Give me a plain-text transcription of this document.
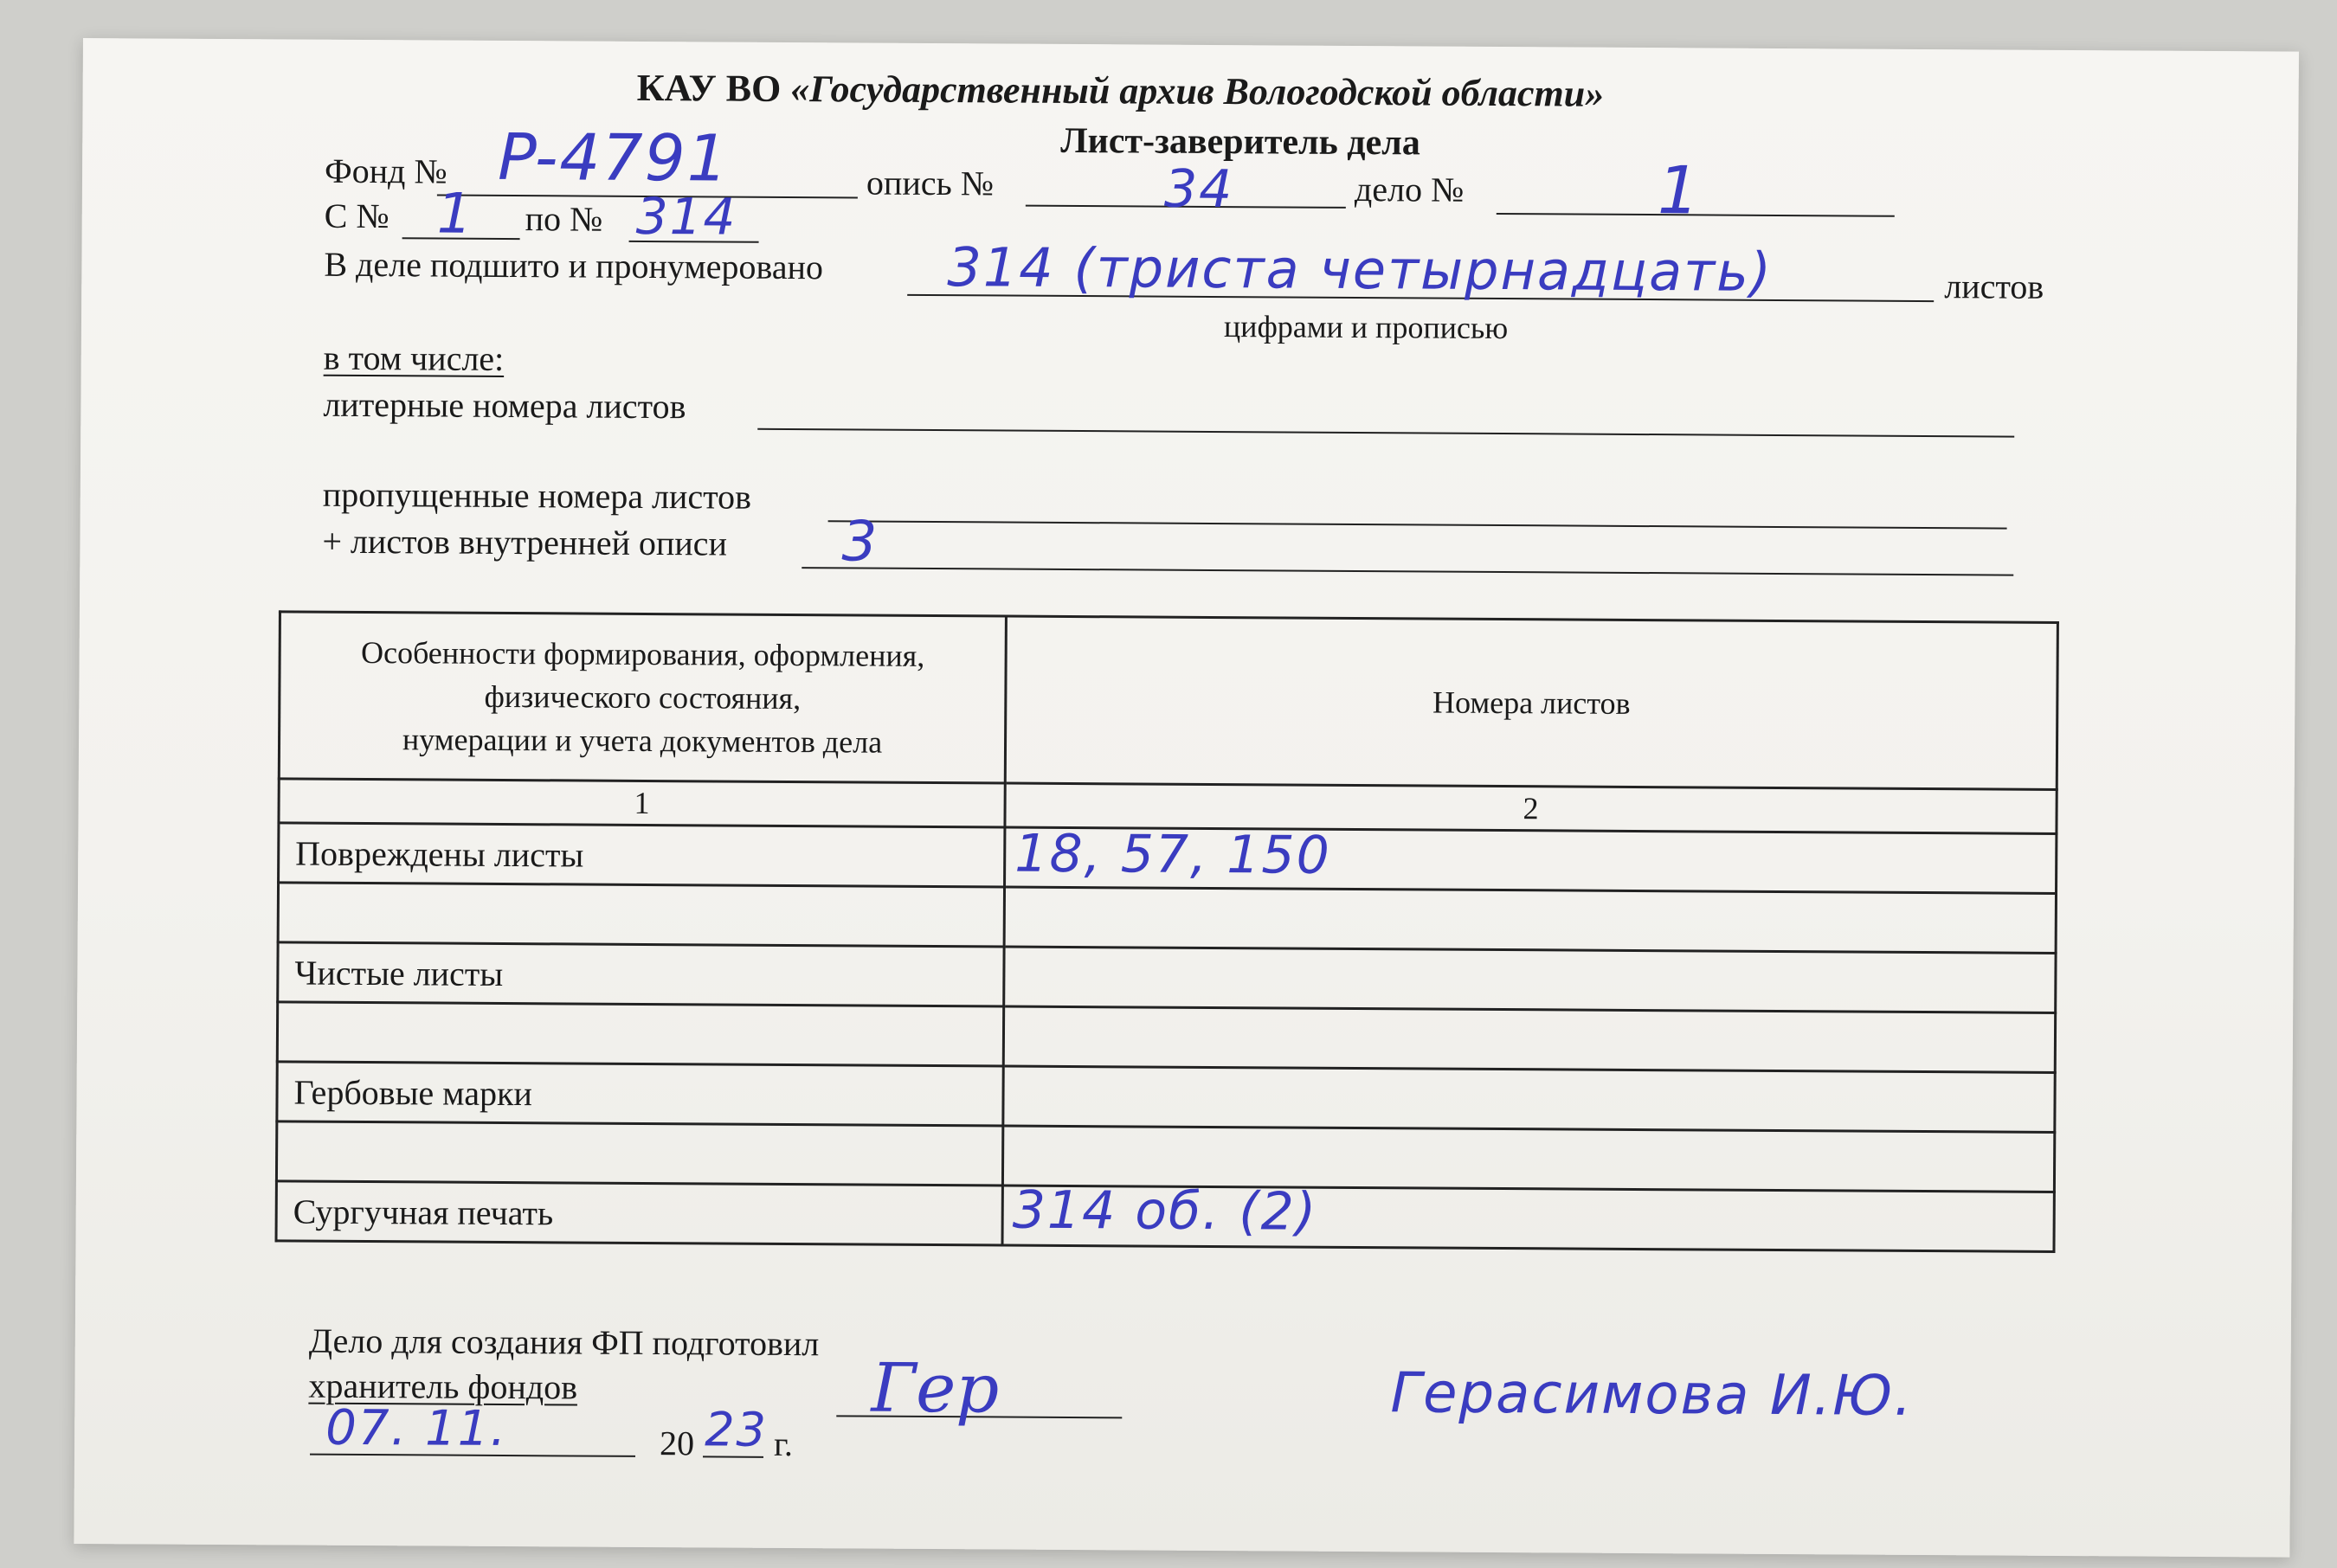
КАУ ВО «Государственный архив Вологодской области»
Лист-заверитель дела
Фонд № P-4791	опись №	34	дело №	1
С № 1 по № 314
В деле подшито и пронумеровано 314 (триста четырнадцать)	листов
цифрами и прописью
в том числе:
литерные номера листов
пропущенные номера листов
+ листов внутренней описи 3
Особенности формирования, оформления,
физического состояния,
нумерации и учета документов дела	Номера листов
1	2
Повреждены листы	18, 57, 150

Чистые листы	

Гербовые марки	

Сургучная печать	314 об. (2)
Дело для создания ФП подготовил
хранитель фондов
07. 11.	20 23 г.
Гер	Герасимова И.Ю.
